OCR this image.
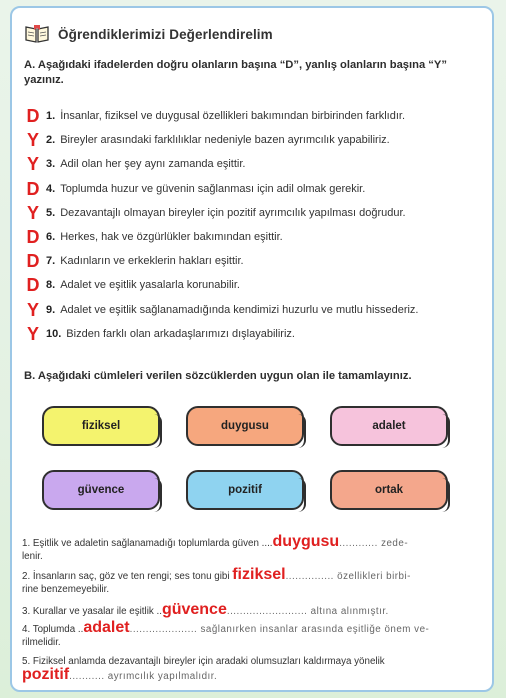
Öğrendiklerimizi Değerlendirelim
A. Aşağıdaki ifadelerden doğru olanların başına “D”, yanlış olanların başına “Y” yazınız.
D 1. İnsanlar, fiziksel ve duygusal özellikleri bakımından birbirinden farklıdır.
Y 2. Bireyler arasındaki farklılıklar nedeniyle bazen ayrımcılık yapabiliriz.
Y 3. Adil olan her şey aynı zamanda eşittir.
D 4. Toplumda huzur ve güvenin sağlanması için adil olmak gerekir.
Y 5. Dezavantajlı olmayan bireyler için pozitif ayrımcılık yapılması doğrudur.
D 6. Herkes, hak ve özgürlükler bakımından eşittir.
D 7. Kadınların ve erkeklerin hakları eşittir.
D 8. Adalet ve eşitlik yasalarla korunabilir.
Y 9. Adalet ve eşitlik sağlanamadığında kendimizi huzurlu ve mutlu hissederiz.
Y 10. Bizden farklı olan arkadaşlarımızı dışlayabiliriz.
B. Aşağıdaki cümleleri verilen sözcüklerden uygun olan ile tamamlayınız.
fiziksel	duygusu	adalet
güvence	pozitif	ortak
1. Eşitlik ve adaletin sağlanamadığı toplumlarda güven ....duygusu............ zede-
lenir.
2. İnsanların saç, göz ve ten rengi; ses tonu gibi fiziksel............... özellikleri birbi-
rine benzemeyebilir.
3. Kurallar ve yasalar ile eşitlik ..güvence......................... altına alınmıştır.
4. Toplumda ..adalet..................... sağlanırken insanlar arasında eşitliğe önem ve-
rilmelidir.
5. Fiziksel anlamda dezavantajlı bireyler için aradaki olumsuzları kaldırmaya yönelik
pozitif........... ayrımcılık yapılmalıdır.
